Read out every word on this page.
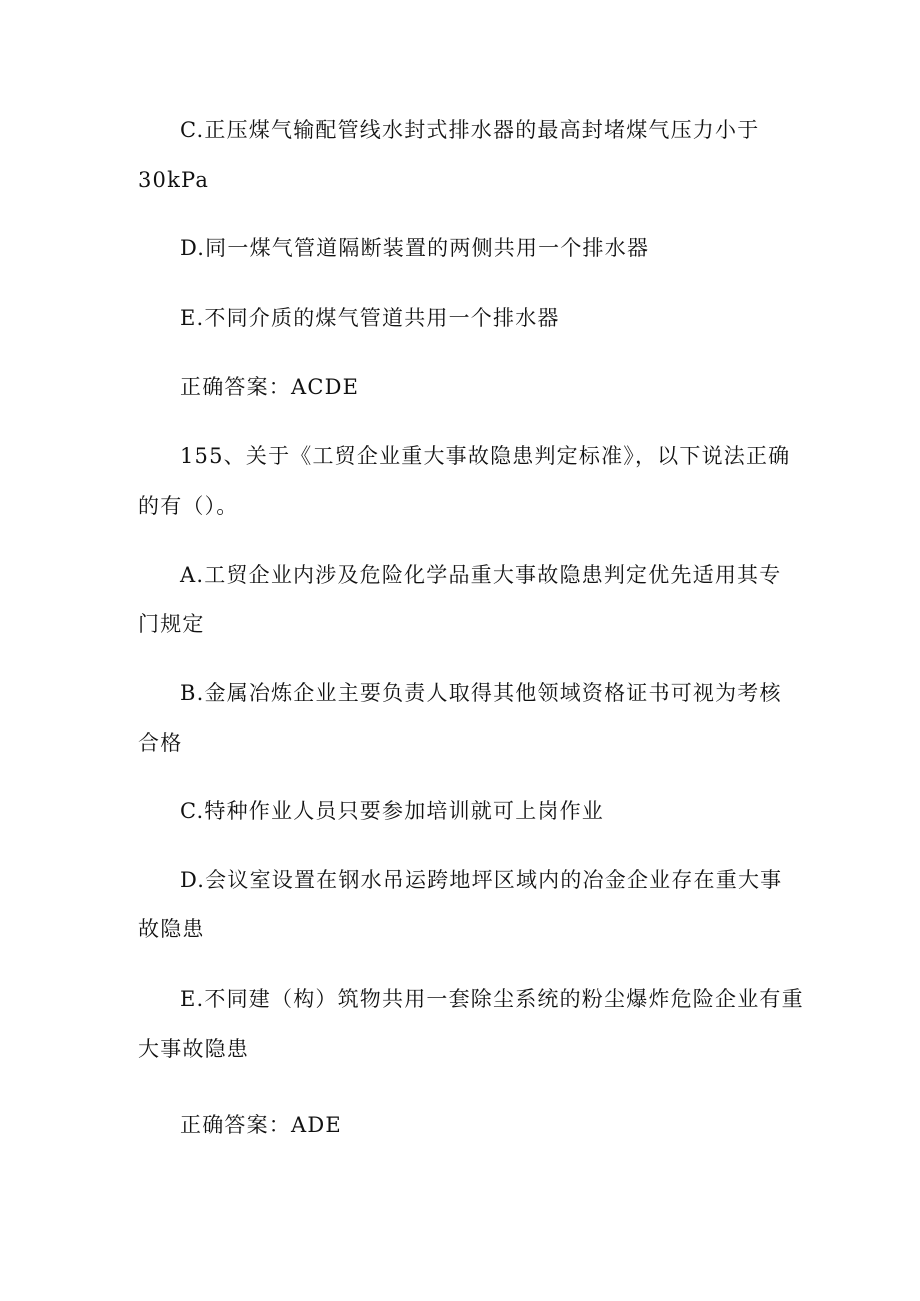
C.正压煤气输配管线水封式排水器的最高封堵煤气压力小于
30kPa
D.同一煤气管道隔断装置的两侧共用一个排水器
E.不同介质的煤气管道共用一个排水器
正确答案：ACDE
155、关于《工贸企业重大事故隐患判定标准》，以下说法正确
的有（）。
A.工贸企业内涉及危险化学品重大事故隐患判定优先适用其专
门规定
B.金属冶炼企业主要负责人取得其他领域资格证书可视为考核
合格
C.特种作业人员只要参加培训就可上岗作业
D.会议室设置在钢水吊运跨地坪区域内的冶金企业存在重大事
故隐患
E.不同建（构）筑物共用一套除尘系统的粉尘爆炸危险企业有重
大事故隐患
正确答案：ADE
